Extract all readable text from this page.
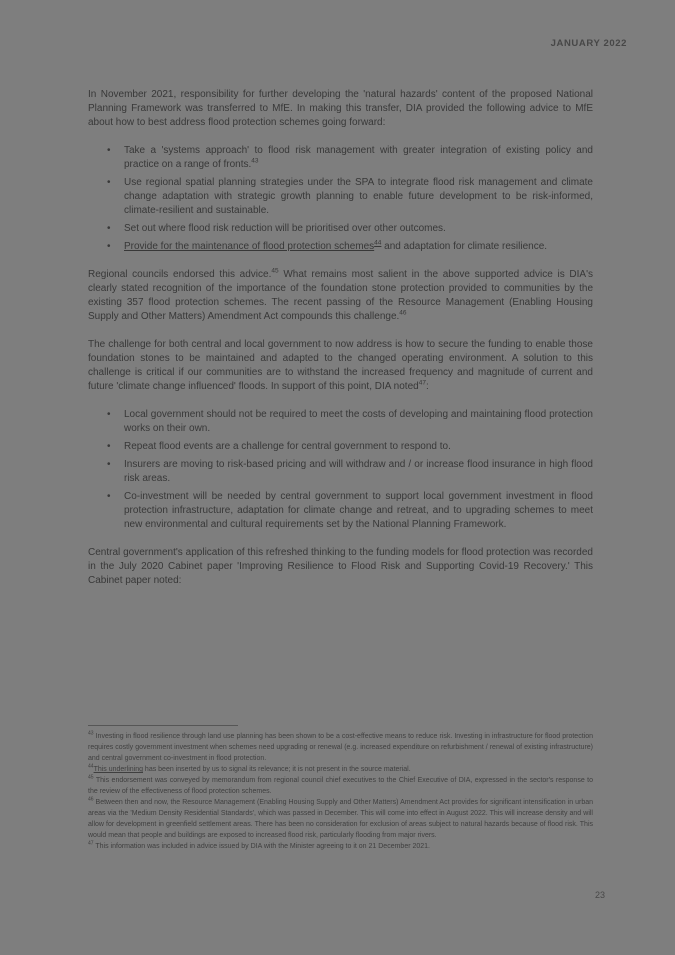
JANUARY 2022

In November 2021, responsibility for further developing the 'natural hazards' content of the proposed National Planning Framework was transferred to MfE. In making this transfer, DIA provided the following advice to MfE about how to best address flood protection schemes going forward:

• Take a 'systems approach' to flood risk management with greater integration of existing policy and practice on a range of fronts.$^{43}$
• Use regional spatial planning strategies under the SPA to integrate flood risk management and climate change adaptation with strategic growth planning to enable future development to be risk-informed, climate-resilient and sustainable.
• Set out where flood risk reduction will be prioritised over other outcomes.
• Provide for the maintenance of flood protection schemes$^{44}$ and adaptation for climate resilience.

Regional councils endorsed this advice.$^{45}$ What remains most salient in the above supported advice is DIA's clearly stated recognition of the importance of the foundation stone protection provided to communities by the existing 357 flood protection schemes. The recent passing of the Resource Management (Enabling Housing Supply and Other Matters) Amendment Act compounds this challenge.$^{46}$

The challenge for both central and local government to now address is how to secure the funding to enable those foundation stones to be maintained and adapted to the changed operating environment. A solution to this challenge is critical if our communities are to withstand the increased frequency and magnitude of current and future 'climate change influenced' floods. In support of this point, DIA noted$^{47}$:

• Local government should not be required to meet the costs of developing and maintaining flood protection works on their own.
• Repeat flood events are a challenge for central government to respond to.
• Insurers are moving to risk-based pricing and will withdraw and / or increase flood insurance in high flood risk areas.
• Co-investment will be needed by central government to support local government investment in flood protection infrastructure, adaptation for climate change and retreat, and to upgrading schemes to meet new environmental and cultural requirements set by the National Planning Framework.

Central government's application of this refreshed thinking to the funding models for flood protection was recorded in the July 2020 Cabinet paper 'Improving Resilience to Flood Risk and Supporting Covid-19 Recovery.' This Cabinet paper noted:

$^{43}$ Investing in flood resilience through land use planning has been shown to be a cost-effective means to reduce risk. Investing in infrastructure for flood protection requires costly government investment when schemes need upgrading or renewal (e.g. increased expenditure on refurbishment / renewal of existing infrastructure) and central government co-investment in flood protection.
$^{44}$This underlining has been inserted by us to signal its relevance; it is not present in the source material.
$^{45}$ This endorsement was conveyed by memorandum from regional council chief executives to the Chief Executive of DIA, expressed in the sector's response to the review of the effectiveness of flood protection schemes.
$^{46}$ Between then and now, the Resource Management (Enabling Housing Supply and Other Matters) Amendment Act provides for significant intensification in urban areas via the 'Medium Density Residential Standards', which was passed in December. This will come into effect in August 2022. This will increase density and will allow for development in greenfield settlement areas. There has been no consideration for exclusion of areas subject to natural hazards because of flood risk. This would mean that people and buildings are exposed to increased flood risk, particularly flooding from major rivers.
$^{47}$ This information was included in advice issued by DIA with the Minister agreeing to it on 21 December 2021.
23
